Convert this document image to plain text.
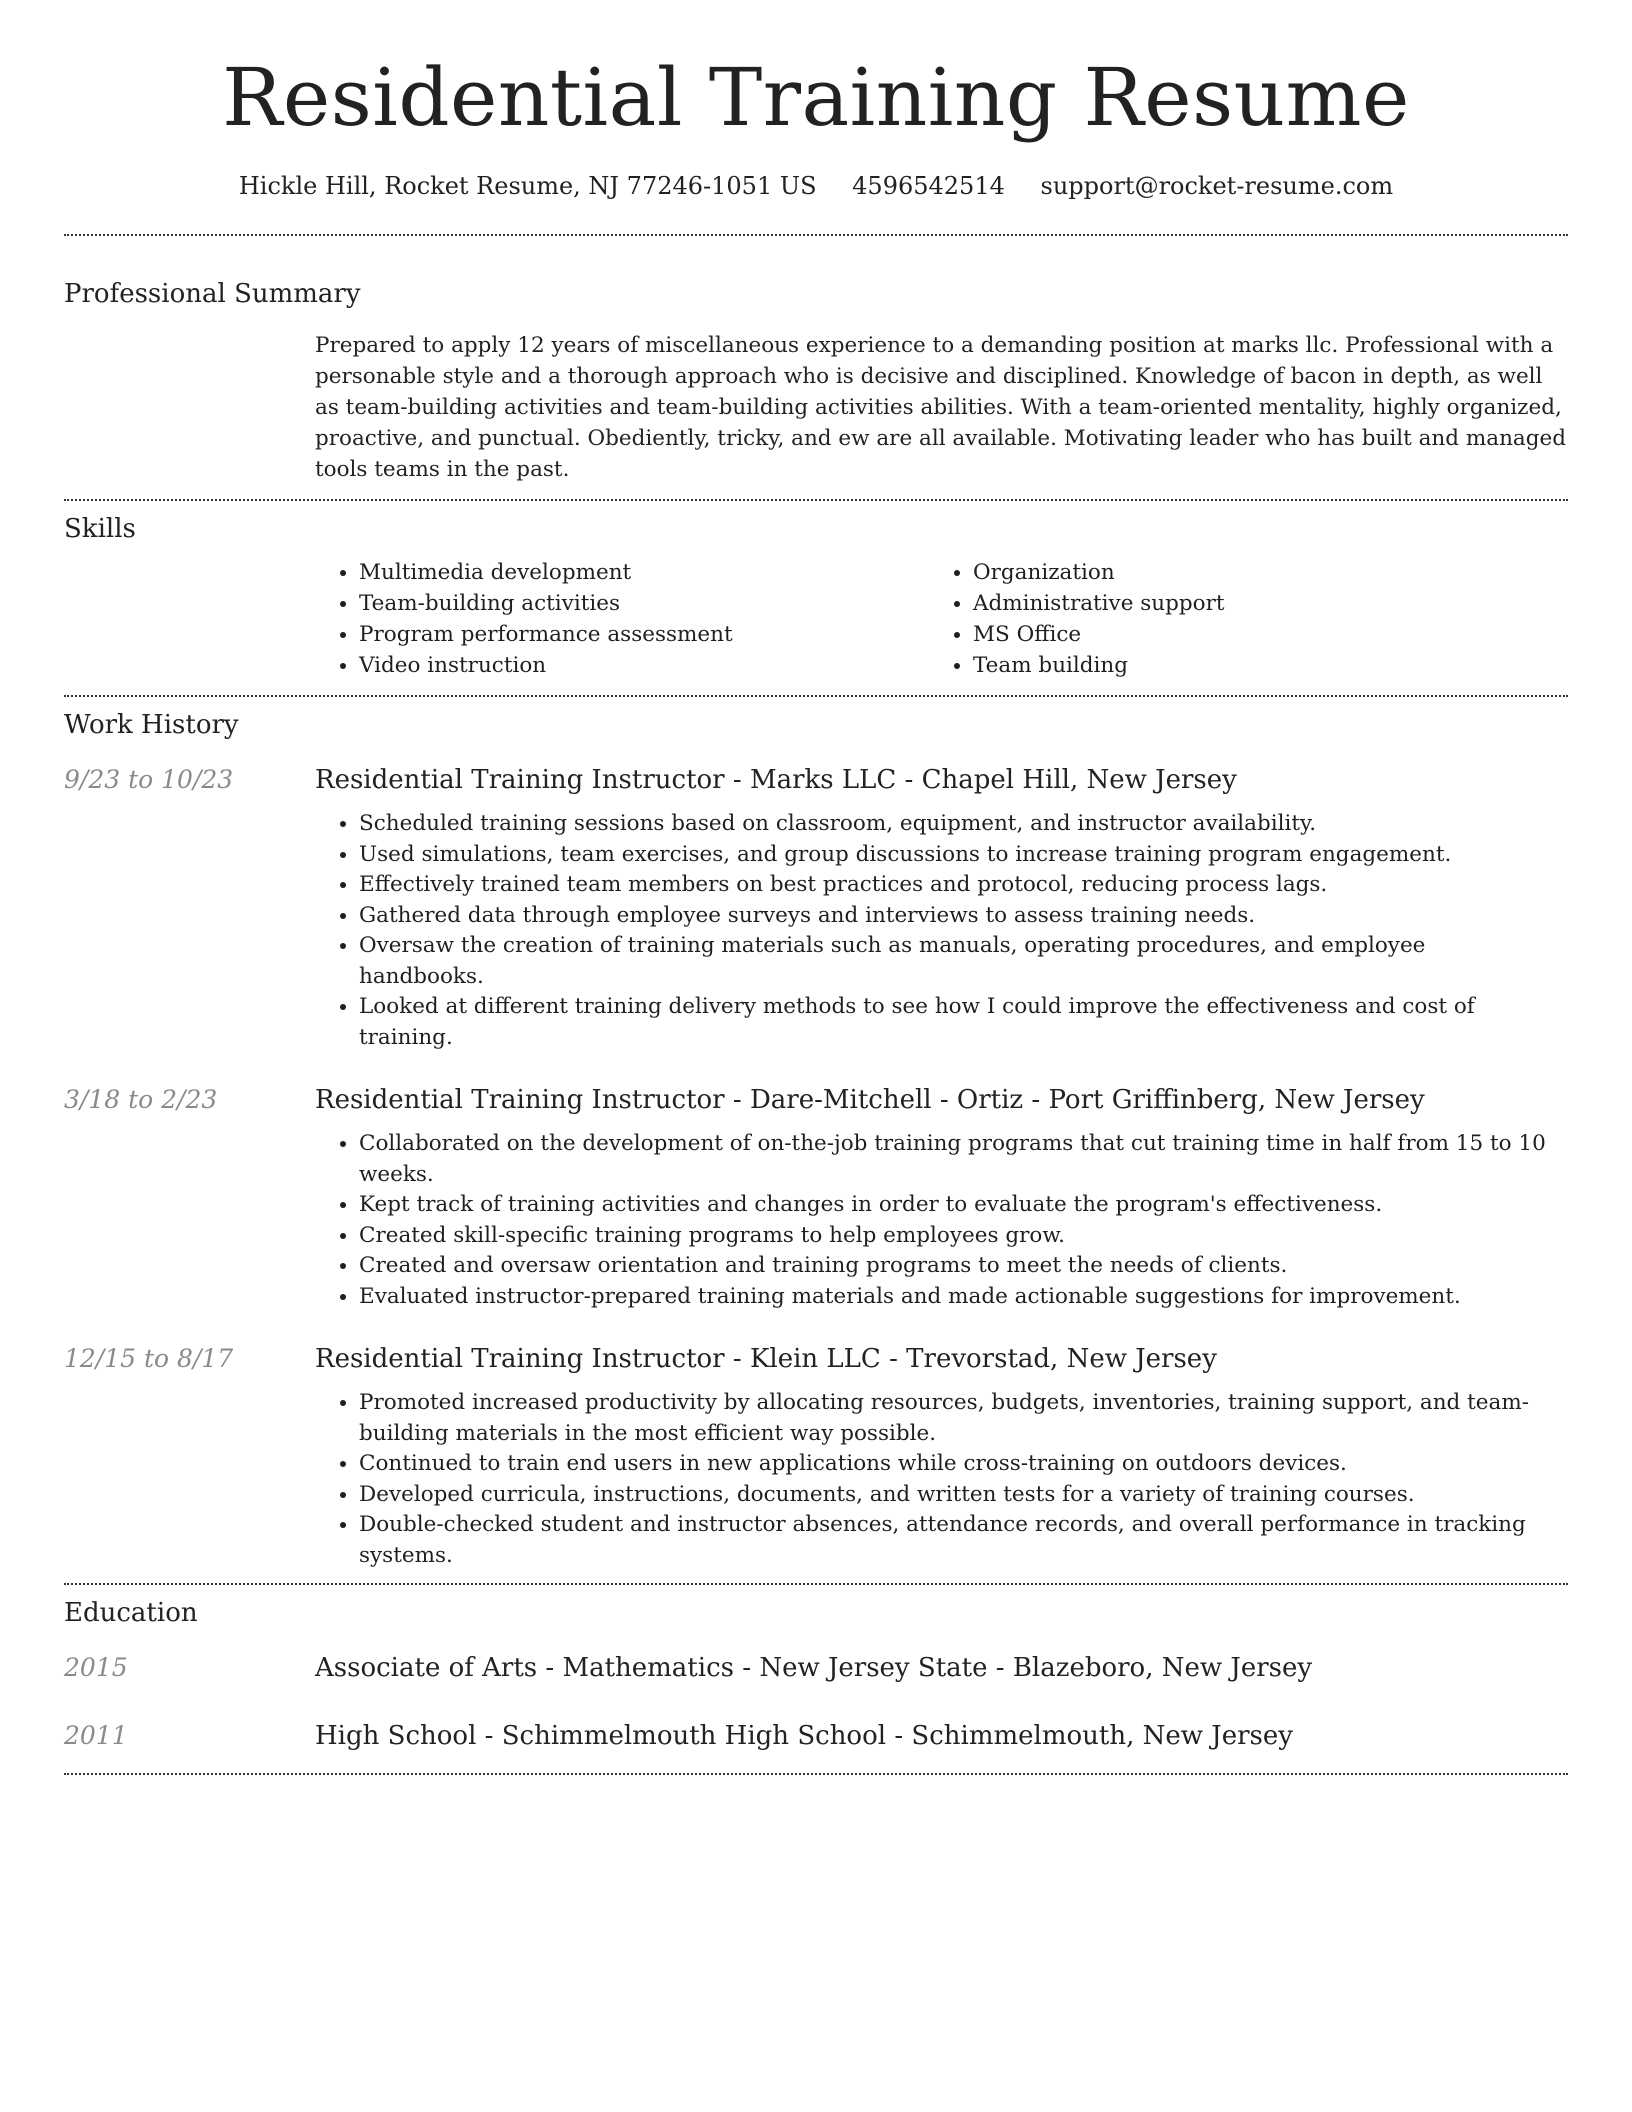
Residential Training Resume
Hickle Hill, Rocket Resume, NJ 77246-1051 US 4596542514 support@rocket-resume.com
Professional Summary
Prepared to apply 12 years of miscellaneous experience to a demanding position at marks llc. Professional with a personable style and a thorough approach who is decisive and disciplined. Knowledge of bacon in depth, as well as team-building activities and team-building activities abilities. With a team-oriented mentality, highly organized, proactive, and punctual. Obediently, tricky, and ew are all available. Motivating leader who has built and managed tools teams in the past.
Skills
• Multimedia development
• Team-building activities
• Program performance assessment
• Video instruction
• Organization
• Administrative support
• MS Office
• Team building
Work History
9/23 to 10/23	Residential Training Instructor - Marks LLC - Chapel Hill, New Jersey
• Scheduled training sessions based on classroom, equipment, and instructor availability.
• Used simulations, team exercises, and group discussions to increase training program engagement.
• Effectively trained team members on best practices and protocol, reducing process lags.
• Gathered data through employee surveys and interviews to assess training needs.
• Oversaw the creation of training materials such as manuals, operating procedures, and employee handbooks.
• Looked at different training delivery methods to see how I could improve the effectiveness and cost of training.
3/18 to 2/23	Residential Training Instructor - Dare-Mitchell - Ortiz - Port Griffinberg, New Jersey
• Collaborated on the development of on-the-job training programs that cut training time in half from 15 to 10 weeks.
• Kept track of training activities and changes in order to evaluate the program's effectiveness.
• Created skill-specific training programs to help employees grow.
• Created and oversaw orientation and training programs to meet the needs of clients.
• Evaluated instructor-prepared training materials and made actionable suggestions for improvement.
12/15 to 8/17	Residential Training Instructor - Klein LLC - Trevorstad, New Jersey
• Promoted increased productivity by allocating resources, budgets, inventories, training support, and team-building materials in the most efficient way possible.
• Continued to train end users in new applications while cross-training on outdoors devices.
• Developed curricula, instructions, documents, and written tests for a variety of training courses.
• Double-checked student and instructor absences, attendance records, and overall performance in tracking systems.
Education
2015	Associate of Arts - Mathematics - New Jersey State - Blazeboro, New Jersey
2011	High School - Schimmelmouth High School - Schimmelmouth, New Jersey
